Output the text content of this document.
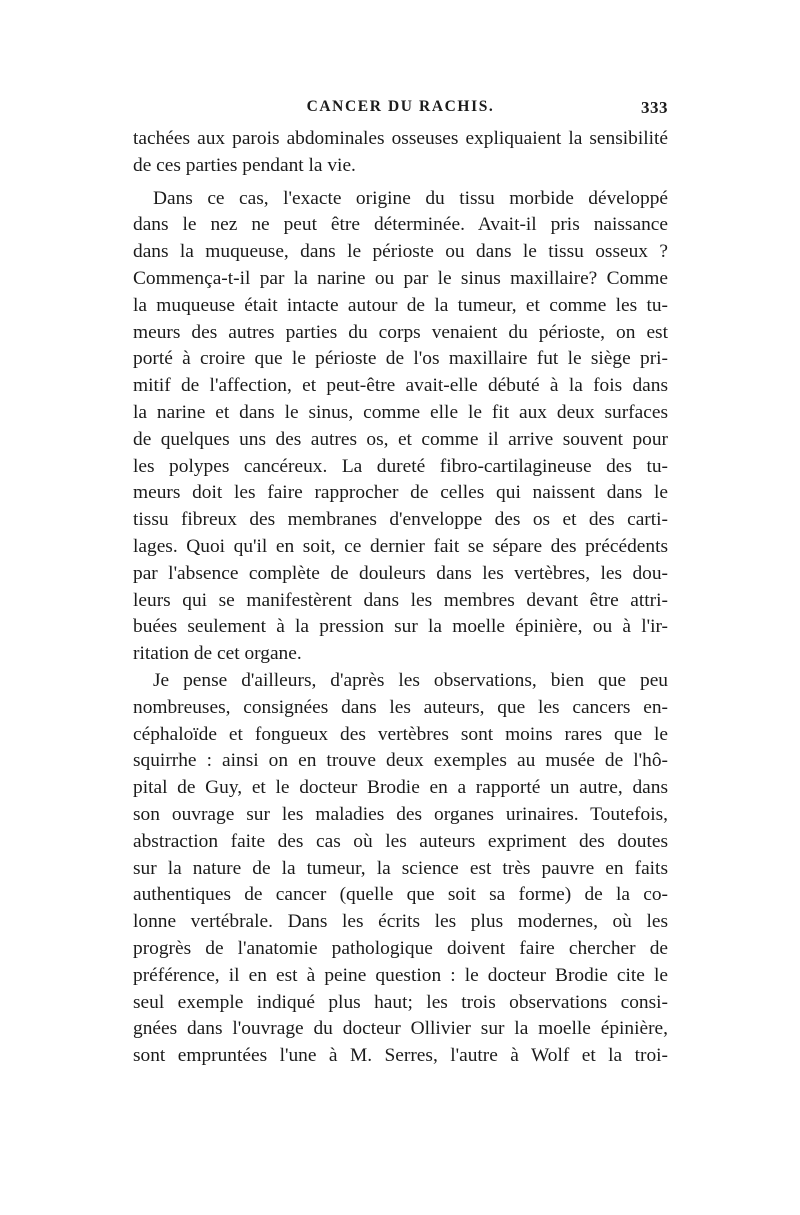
CANCER DU RACHIS.	333
tachées aux parois abdominales osseuses expliquaient la sensibilité
de ces parties pendant la vie.
Dans ce cas, l'exacte origine du tissu morbide développé
dans le nez ne peut être déterminée. Avait-il pris naissance
dans la muqueuse, dans le périoste ou dans le tissu osseux ?
Commença-t-il par la narine ou par le sinus maxillaire? Comme
la muqueuse était intacte autour de la tumeur, et comme les tu-
meurs des autres parties du corps venaient du périoste, on est
porté à croire que le périoste de l'os maxillaire fut le siège pri-
mitif de l'affection, et peut-être avait-elle débuté à la fois dans
la narine et dans le sinus, comme elle le fit aux deux surfaces
de quelques uns des autres os, et comme il arrive souvent pour
les polypes cancéreux. La dureté fibro-cartilagineuse des tu-
meurs doit les faire rapprocher de celles qui naissent dans le
tissu fibreux des membranes d'enveloppe des os et des carti-
lages. Quoi qu'il en soit, ce dernier fait se sépare des précédents
par l'absence complète de douleurs dans les vertèbres, les dou-
leurs qui se manifestèrent dans les membres devant être attri-
buées seulement à la pression sur la moelle épinière, ou à l'ir-
ritation de cet organe.
Je pense d'ailleurs, d'après les observations, bien que peu
nombreuses, consignées dans les auteurs, que les cancers en-
céphaloïde et fongueux des vertèbres sont moins rares que le
squirrhe : ainsi on en trouve deux exemples au musée de l'hô-
pital de Guy, et le docteur Brodie en a rapporté un autre, dans
son ouvrage sur les maladies des organes urinaires. Toutefois,
abstraction faite des cas où les auteurs expriment des doutes
sur la nature de la tumeur, la science est très pauvre en faits
authentiques de cancer (quelle que soit sa forme) de la co-
lonne vertébrale. Dans les écrits les plus modernes, où les
progrès de l'anatomie pathologique doivent faire chercher de
préférence, il en est à peine question : le docteur Brodie cite le
seul exemple indiqué plus haut; les trois observations consi-
gnées dans l'ouvrage du docteur Ollivier sur la moelle épinière,
sont empruntées l'une à M. Serres, l'autre à Wolf et la troi-
